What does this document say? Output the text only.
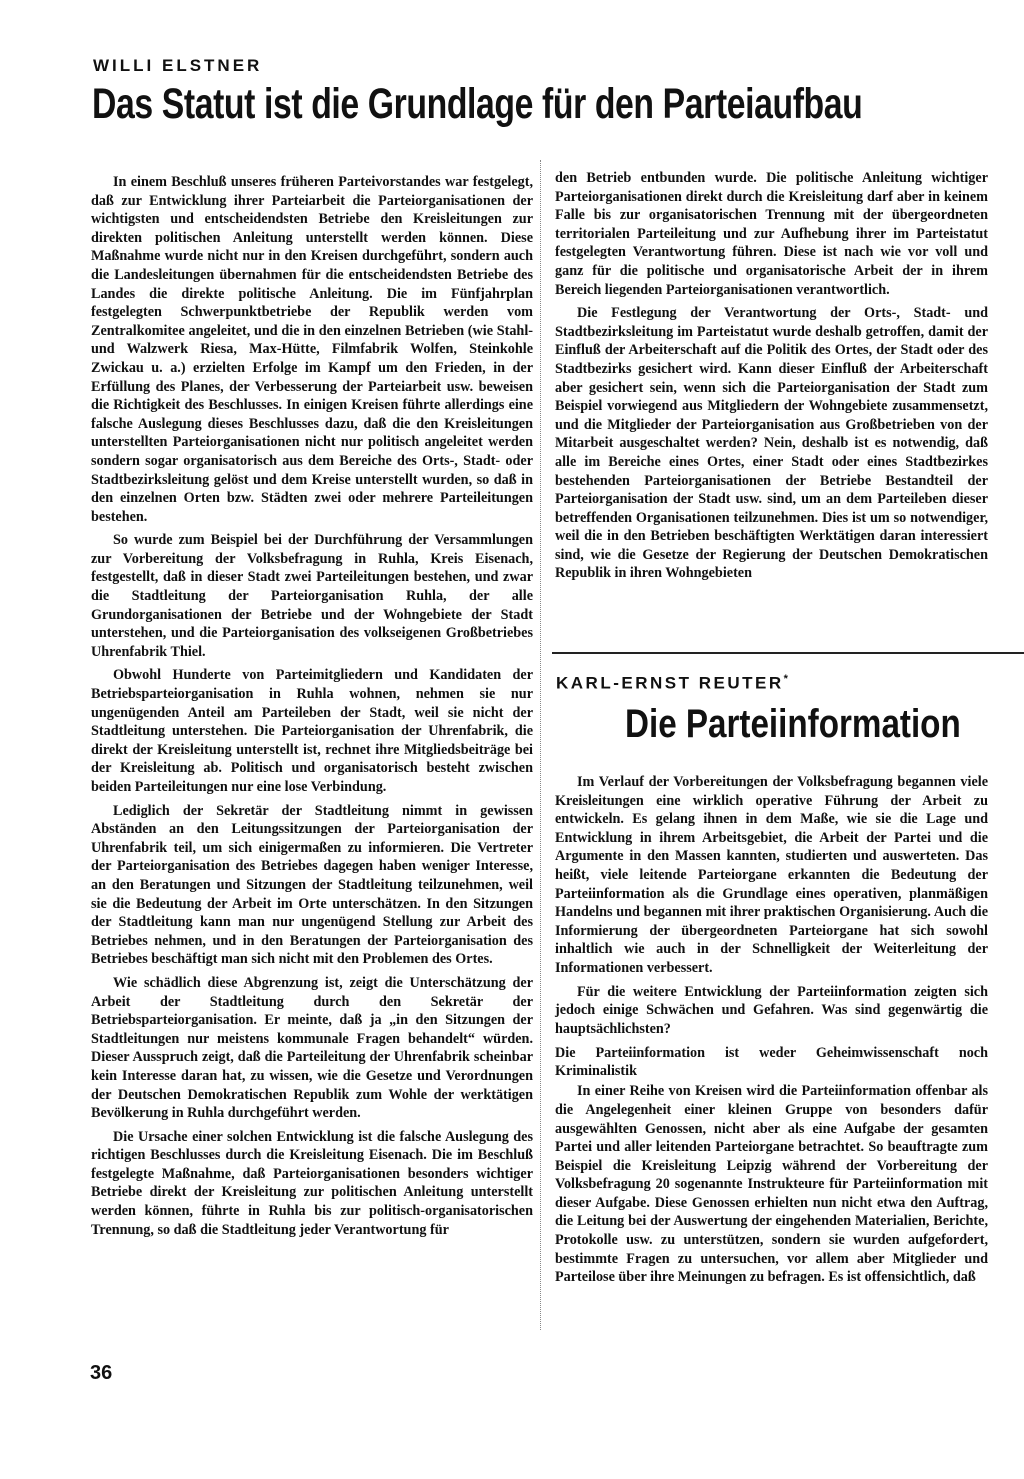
WILLI ELSTNER
Das Statut ist die Grundlage für den Parteiaufbau

In einem Beschluß unseres früheren Parteivorstandes war festgelegt, daß zur Entwicklung ihrer Parteiarbeit die Parteiorganisationen der wichtigsten und entscheidendsten Betriebe den Kreisleitungen zur direkten politischen Anleitung unterstellt werden können. Diese Maßnahme wurde nicht nur in den Kreisen durchgeführt, sondern auch die Landesleitungen übernahmen für die entscheidendsten Betriebe des Landes die direkte politische Anleitung. Die im Fünfjahrplan festgelegten Schwerpunktbetriebe der Republik werden vom Zentralkomitee angeleitet, und die in den einzelnen Betrieben (wie Stahl- und Walzwerk Riesa, Max-Hütte, Filmfabrik Wolfen, Steinkohle Zwickau u. a.) erzielten Erfolge im Kampf um den Frieden, in der Erfüllung des Planes, der Verbesserung der Parteiarbeit usw. beweisen die Richtigkeit des Beschlusses. In einigen Kreisen führte allerdings eine falsche Auslegung dieses Beschlusses dazu, daß die den Kreisleitungen unterstellten Parteiorganisationen nicht nur politisch angeleitet werden sondern sogar organisatorisch aus dem Bereiche des Orts-, Stadt- oder Stadtbezirksleitung gelöst und dem Kreise unterstellt wurden, so daß in den einzelnen Orten bzw. Städten zwei oder mehrere Parteileitungen bestehen.

So wurde zum Beispiel bei der Durchführung der Versammlungen zur Vorbereitung der Volksbefragung in Ruhla, Kreis Eisenach, festgestellt, daß in dieser Stadt zwei Parteileitungen bestehen, und zwar die Stadtleitung der Parteiorganisation Ruhla, der alle Grundorganisationen der Betriebe und der Wohngebiete der Stadt unterstehen, und die Parteiorganisation des volkseigenen Großbetriebes Uhrenfabrik Thiel.

Obwohl Hunderte von Parteimitgliedern und Kandidaten der Betriebsparteiorganisation in Ruhla wohnen, nehmen sie nur ungenügenden Anteil am Parteileben der Stadt, weil sie nicht der Stadtleitung unterstehen. Die Parteiorganisation der Uhrenfabrik, die direkt der Kreisleitung unterstellt ist, rechnet ihre Mitgliedsbeiträge bei der Kreisleitung ab. Politisch und organisatorisch besteht zwischen beiden Parteileitungen nur eine lose Verbindung.

Lediglich der Sekretär der Stadtleitung nimmt in gewissen Abständen an den Leitungssitzungen der Parteiorganisation der Uhrenfabrik teil, um sich einigermaßen zu informieren. Die Vertreter der Parteiorganisation des Betriebes dagegen haben weniger Interesse, an den Beratungen und Sitzungen der Stadtleitung teilzunehmen, weil sie die Bedeutung der Arbeit im Orte unterschätzen. In den Sitzungen der Stadtleitung kann man nur ungenügend Stellung zur Arbeit des Betriebes nehmen, und in den Beratungen der Parteiorganisation des Betriebes beschäftigt man sich nicht mit den Problemen des Ortes.

Wie schädlich diese Abgrenzung ist, zeigt die Unterschätzung der Arbeit der Stadtleitung durch den Sekretär der Betriebsparteiorganisation. Er meinte, daß ja „in den Sitzungen der Stadtleitungen nur meistens kommunale Fragen behandelt“ würden. Dieser Ausspruch zeigt, daß die Parteileitung der Uhrenfabrik scheinbar kein Interesse daran hat, zu wissen, wie die Gesetze und Verordnungen der Deutschen Demokratischen Republik zum Wohle der werktätigen Bevölkerung in Ruhla durchgeführt werden.

Die Ursache einer solchen Entwicklung ist die falsche Auslegung des richtigen Beschlusses durch die Kreisleitung Eisenach. Die im Beschluß festgelegte Maßnahme, daß Parteiorganisationen besonders wichtiger Betriebe direkt der Kreisleitung zur politischen Anleitung unterstellt werden können, führte in Ruhla bis zur politisch-organisatorischen Trennung, so daß die Stadtleitung jeder Verantwortung für

den Betrieb entbunden wurde. Die politische Anleitung wichtiger Parteiorganisationen direkt durch die Kreisleitung darf aber in keinem Falle bis zur organisatorischen Trennung mit der übergeordneten territorialen Parteileitung und zur Aufhebung ihrer im Parteistatut festgelegten Verantwortung führen. Diese ist nach wie vor voll und ganz für die politische und organisatorische Arbeit der in ihrem Bereich liegenden Parteiorganisationen verantwortlich.

Die Festlegung der Verantwortung der Orts-, Stadt- und Stadtbezirksleitung im Parteistatut wurde deshalb getroffen, damit der Einfluß der Arbeiterschaft auf die Politik des Ortes, der Stadt oder des Stadtbezirks gesichert wird. Kann dieser Einfluß der Arbeiterschaft aber gesichert sein, wenn sich die Parteiorganisation der Stadt zum Beispiel vorwiegend aus Mitgliedern der Wohngebiete zusammensetzt, und die Mitglieder der Parteiorganisation aus Großbetrieben von der Mitarbeit ausgeschaltet werden? Nein, deshalb ist es notwendig, daß alle im Bereiche eines Ortes, einer Stadt oder eines Stadtbezirkes bestehenden Parteiorganisationen der Betriebe Bestandteil der Parteiorganisation der Stadt usw. sind, um an dem Parteileben dieser betreffenden Organisationen teilzunehmen. Dies ist um so notwendiger, weil die in den Betrieben beschäftigten Werktätigen daran interessiert sind, wie die Gesetze der Regierung der Deutschen Demokratischen Republik in ihren Wohngebieten

KARL-ERNST REUTER*
Die Parteiinformation

Im Verlauf der Vorbereitungen der Volksbefragung begannen viele Kreisleitungen eine wirklich operative Führung der Arbeit zu entwickeln. Es gelang ihnen in dem Maße, wie sie die Lage und Entwicklung in ihrem Arbeitsgebiet, die Arbeit der Partei und die Argumente in den Massen kannten, studierten und auswerteten. Das heißt, viele leitende Parteiorgane erkannten die Bedeutung der Parteiinformation als die Grundlage eines operativen, planmäßigen Handelns und begannen mit ihrer praktischen Organisierung. Auch die Informierung der übergeordneten Parteiorgane hat sich sowohl inhaltlich wie auch in der Schnelligkeit der Weiterleitung der Informationen verbessert.

Für die weitere Entwicklung der Parteiinformation zeigten sich jedoch einige Schwächen und Gefahren. Was sind gegenwärtig die hauptsächlichsten?

Die Parteiinformation ist weder Geheimwissenschaft noch Kriminalistik

In einer Reihe von Kreisen wird die Parteiinformation offenbar als die Angelegenheit einer kleinen Gruppe von besonders dafür ausgewählten Genossen, nicht aber als eine Aufgabe der gesamten Partei und aller leitenden Parteiorgane betrachtet. So beauftragte zum Beispiel die Kreisleitung Leipzig während der Vorbereitung der Volksbefragung 20 sogenannte Instrukteure für Parteiinformation mit dieser Aufgabe. Diese Genossen erhielten nun nicht etwa den Auftrag, die Leitung bei der Auswertung der eingehenden Materialien, Berichte, Protokolle usw. zu unterstützen, sondern sie wurden aufgefordert, bestimmte Fragen zu untersuchen, vor allem aber Mitglieder und Parteilose über ihre Meinungen zu befragen. Es ist offensichtlich, daß

36
